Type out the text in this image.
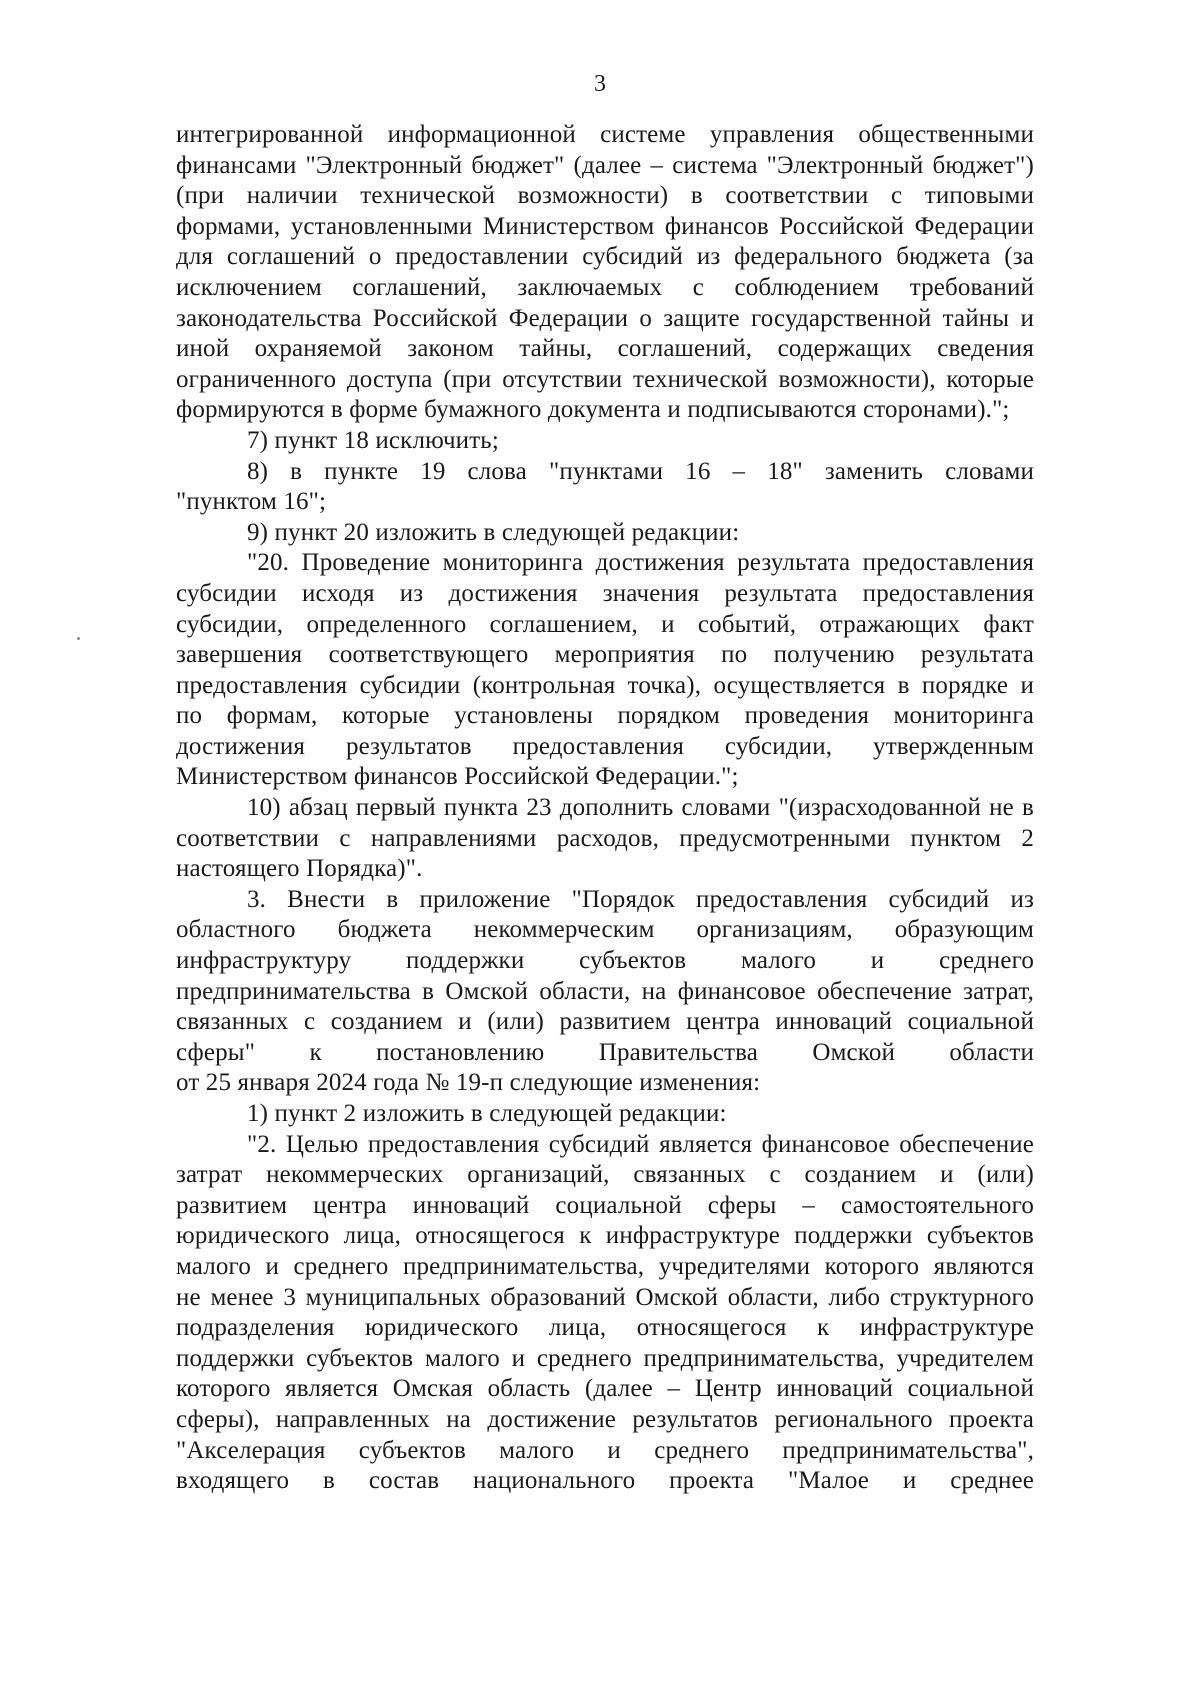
3
интегрированной информационной системе управления общественными
финансами "Электронный бюджет" (далее – система "Электронный бюджет")
(при наличии технической возможности) в соответствии с типовыми
формами, установленными Министерством финансов Российской Федерации
для соглашений о предоставлении субсидий из федерального бюджета (за
исключением соглашений, заключаемых с соблюдением требований
законодательства Российской Федерации о защите государственной тайны и
иной охраняемой законом тайны, соглашений, содержащих сведения
ограниченного доступа (при отсутствии технической возможности), которые
формируются в форме бумажного документа и подписываются сторонами).";
7) пункт 18 исключить;
8) в пункте 19 слова "пунктами 16 – 18" заменить словами
"пунктом 16";
9) пункт 20 изложить в следующей редакции:
"20. Проведение мониторинга достижения результата предоставления
субсидии исходя из достижения значения результата предоставления
субсидии, определенного соглашением, и событий, отражающих факт
завершения соответствующего мероприятия по получению результата
предоставления субсидии (контрольная точка), осуществляется в порядке и
по формам, которые установлены порядком проведения мониторинга
достижения результатов предоставления субсидии, утвержденным
Министерством финансов Российской Федерации.";
10) абзац первый пункта 23 дополнить словами "(израсходованной не в
соответствии с направлениями расходов, предусмотренными пунктом 2
настоящего Порядка)".
3. Внести в приложение "Порядок предоставления субсидий из
областного бюджета некоммерческим организациям, образующим
инфраструктуру поддержки субъектов малого и среднего
предпринимательства в Омской области, на финансовое обеспечение затрат,
связанных с созданием и (или) развитием центра инноваций социальной
сферы" к постановлению Правительства Омской области
от 25 января 2024 года № 19-п следующие изменения:
1) пункт 2 изложить в следующей редакции:
"2. Целью предоставления субсидий является финансовое обеспечение
затрат некоммерческих организаций, связанных с созданием и (или)
развитием центра инноваций социальной сферы – самостоятельного
юридического лица, относящегося к инфраструктуре поддержки субъектов
малого и среднего предпринимательства, учредителями которого являются
не менее 3 муниципальных образований Омской области, либо структурного
подразделения юридического лица, относящегося к инфраструктуре
поддержки субъектов малого и среднего предпринимательства, учредителем
которого является Омская область (далее – Центр инноваций социальной
сферы), направленных на достижение результатов регионального проекта
"Акселерация субъектов малого и среднего предпринимательства",
входящего в состав национального проекта "Малое и среднее
